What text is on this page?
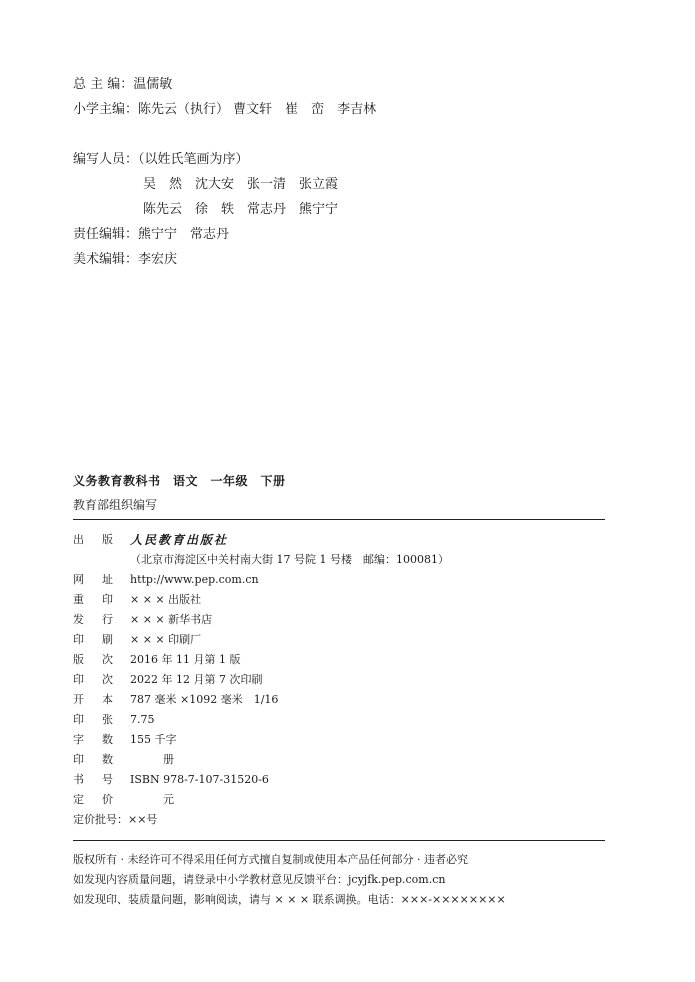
总 主 编：温儒敏
小学主编：陈先云（执行） 曹文轩　崔　峦　李吉林
编写人员：（以姓氏笔画为序）
吴　然　沈大安　张一清　张立霞
陈先云　徐　轶　常志丹　熊宁宁
责任编辑：熊宁宁　常志丹
美术编辑：李宏庆
义务教育教科书　语文　一年级　下册
教育部组织编写
出 版 人民教育出版社
（北京市海淀区中关村南大街 17 号院 1 号楼　邮编：100081）
网 址 http://www.pep.com.cn
重 印 × × × 出版社
发 行 × × × 新华书店
印 刷 × × × 印刷厂
版 次 2016 年 11 月第 1 版
印 次 2022 年 12 月第 7 次印刷
开 本 787 毫米 ×1092 毫米　1/16
印 张 7.75
字 数 155 千字
印 数 　　　册
书 号 ISBN 978-7-107-31520-6
定 价 　　　元
定价批号： ××号
版权所有 · 未经许可不得采用任何方式擅自复制或使用本产品任何部分 · 违者必究
如发现内容质量问题，请登录中小学教材意见反馈平台：jcyjfk.pep.com.cn
如发现印、装质量问题，影响阅读，请与 × × × 联系调换。电话：×××-××××××××
